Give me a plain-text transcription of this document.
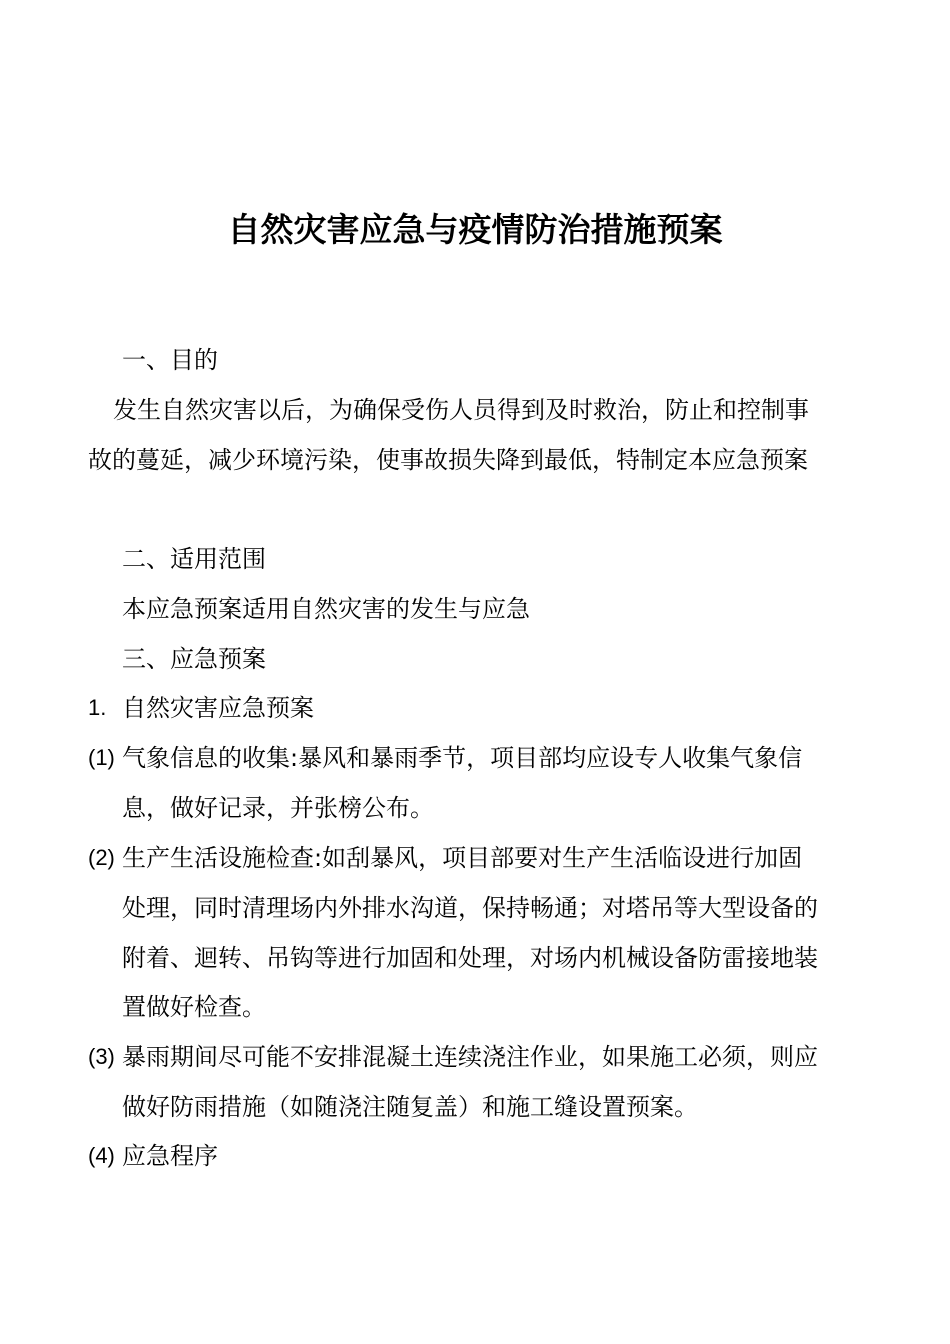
自然灾害应急与疫情防治措施预案
一、目的
发生自然灾害以后，为确保受伤人员得到及时救治，防止和控制事
故的蔓延，减少环境污染，使事故损失降到最低，特制定本应急预案
二、适用范围
本应急预案适用自然灾害的发生与应急
三、应急预案
1. 自然灾害应急预案
(1) 气象信息的收集:暴风和暴雨季节，项目部均应设专人收集气象信
息，做好记录，并张榜公布。
(2) 生产生活设施检查:如刮暴风，项目部要对生产生活临设进行加固
处理，同时清理场内外排水沟道，保持畅通；对塔吊等大型设备的
附着、迴转、吊钩等进行加固和处理，对场内机械设备防雷接地装
置做好检查。
(3) 暴雨期间尽可能不安排混凝土连续浇注作业，如果施工必须，则应
做好防雨措施（如随浇注随复盖）和施工缝设置预案。
(4) 应急程序
